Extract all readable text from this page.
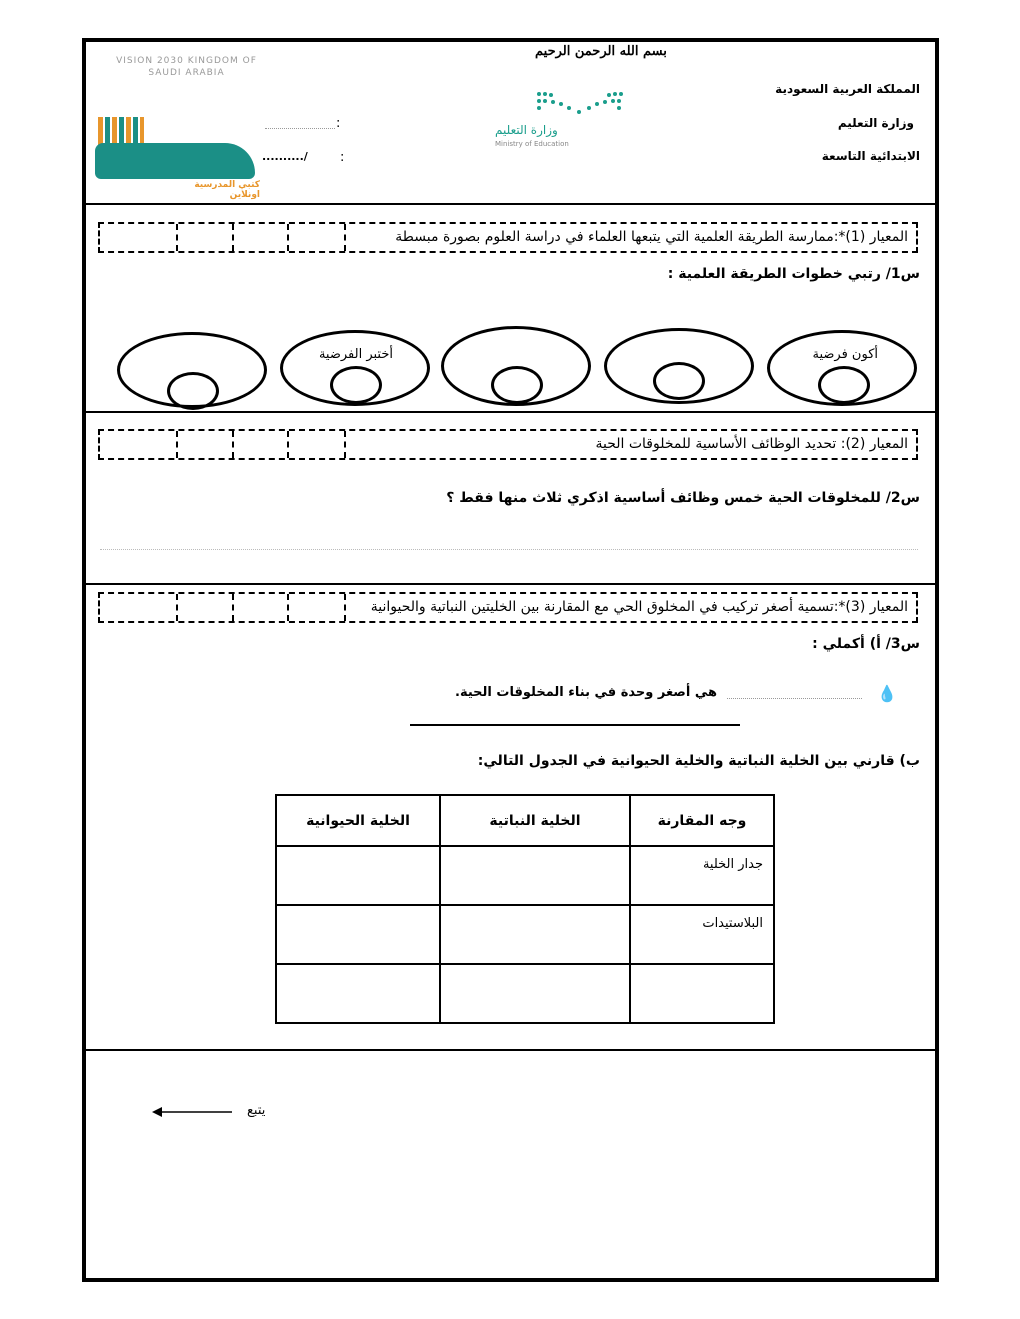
بسم الله الرحمن الرحيم
المملكة العربية السعودية
وزارة التعليم
الابتدائية التاسعة
وزارة التعليم
Ministry of Education
VISION 2030 KINGDOM OF SAUDI ARABIA
:
:
........../
كتبي المدرسية اونلاين
المعيار (1)*:ممارسة الطريقة العلمية التي يتبعها العلماء في دراسة العلوم بصورة مبسطة
س1/ رتبي خطوات الطريقة العلمية :
أختبر الفرضية	أكون فرضية
المعيار (2): تحديد الوظائف الأساسية للمخلوقات الحية
س2/ للمخلوقات الحية خمس وظائف أساسية اذكري ثلاث منها فقط ؟
المعيار (3)*:تسمية أصغر تركيب في المخلوق الحي مع المقارنة بين الخليتين النباتية والحيوانية
س3/ أ) أكملي :
💧
هي أصغر وحدة في بناء المخلوقات الحية.
ب) قارني بين الخلية النباتية والخلية الحيوانية في الجدول التالي:
وجه المقارنة	الخلية النباتية	الخلية الحيوانية
جدار الخلية		
البلاستيدات		

يتبع
